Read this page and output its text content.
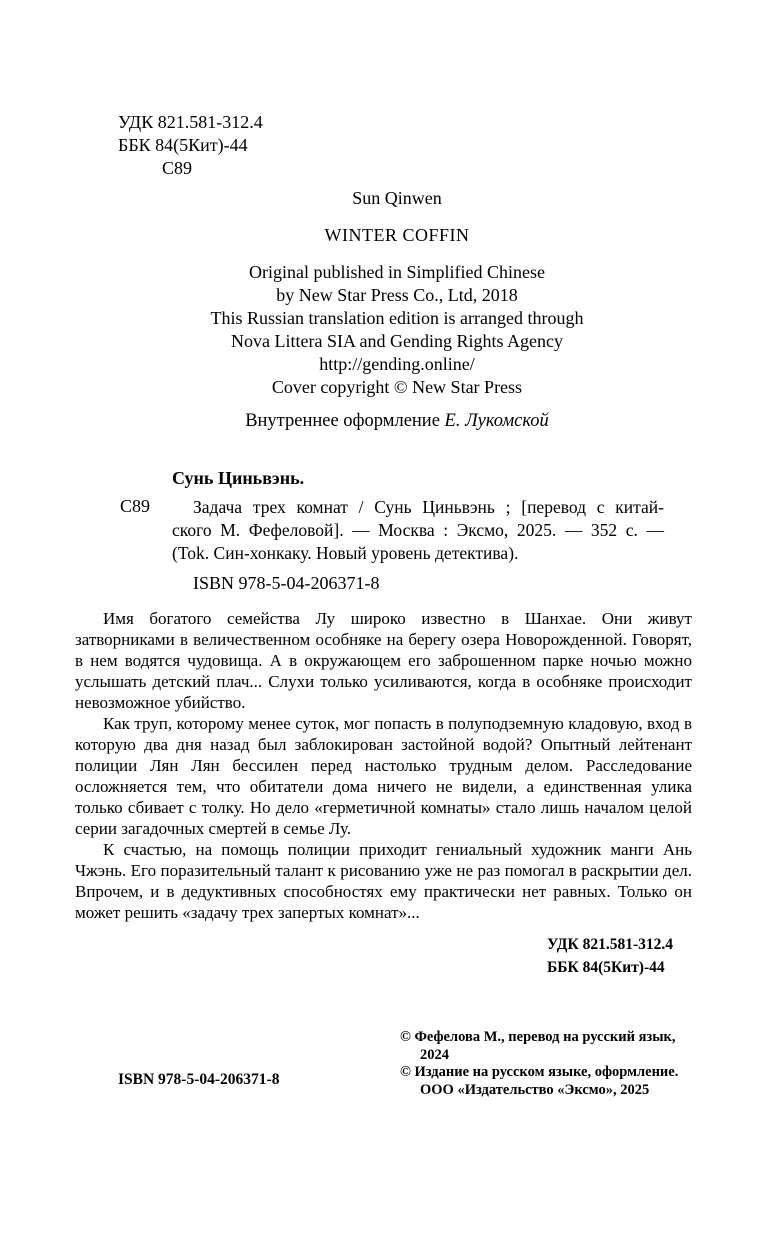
УДК 821.581-312.4
ББК 84(5Кит)-44
С89
Sun Qinwen
WINTER COFFIN
Original published in Simplified Chinese
by New Star Press Co., Ltd, 2018
This Russian translation edition is arranged through
Nova Littera SIA and Gending Rights Agency
http://gending.online/
Cover copyright © New Star Press
Внутреннее оформление Е. Лукомской
Сунь Циньвэнь.
С89	Задача трех комнат / Сунь Циньвэнь ; [перевод с китай-
ского М. Фефеловой]. — Москва : Эксмо, 2025. — 352 с. —
(Tok. Син-хонкаку. Новый уровень детектива).
ISBN 978-5-04-206371-8

Имя богатого семейства Лу широко известно в Шанхае. Они живут затворниками в величественном особняке на берегу озера Новорожденной. Говорят, в нем водятся чудовища. А в окружающем его заброшенном парке ночью можно услышать детский плач... Слухи только усиливаются, когда в особняке происходит невозможное убийство.

Как труп, которому менее суток, мог попасть в полуподземную кладовую, вход в которую два дня назад был заблокирован застойной водой? Опытный лейтенант полиции Лян Лян бессилен перед настолько трудным делом. Расследование осложняется тем, что обитатели дома ничего не видели, а единственная улика только сбивает с толку. Но дело «герметичной комнаты» стало лишь началом целой серии загадочных смертей в семье Лу.

К счастью, на помощь полиции приходит гениальный художник манги Ань Чжэнь. Его поразительный талант к рисованию уже не раз помогал в раскрытии дел. Впрочем, и в дедуктивных способностях ему практически нет равных. Только он может решить «задачу трех запертых комнат»...

УДК 821.581-312.4
ББК 84(5Кит)-44
ISBN 978-5-04-206371-8
© Фефелова М., перевод на русский язык,
2024
© Издание на русском языке, оформление.
ООО «Издательство «Эксмо», 2025
